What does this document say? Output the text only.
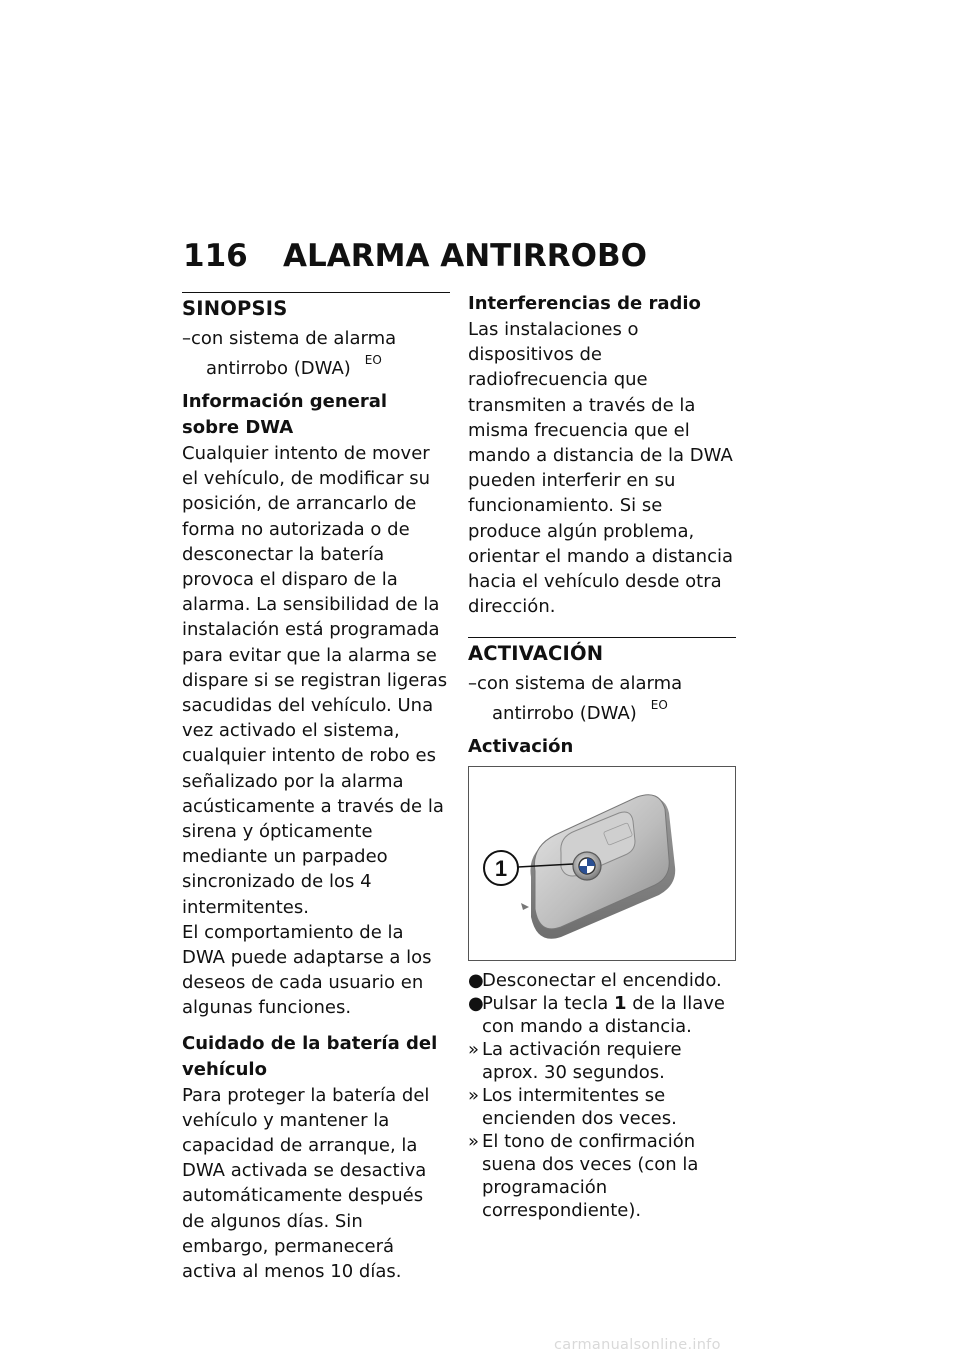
116 ALARMA ANTIRROBO
SINOPSIS
–con sistema de alarma antirrobo (DWA) $^{EO}$
Información general sobre DWA

Cualquier intento de mover el vehículo, de modificar su posición, de arrancarlo de forma no autorizada o de desconectar la batería provoca el disparo de la alarma. La sensibilidad de la instalación está programada para evitar que la alarma se dispare si se registran ligeras sacudidas del vehículo. Una vez activado el sistema, cualquier intento de robo es señalizado por la alarma acústicamente a través de la sirena y ópticamente mediante un parpadeo sincronizado de los 4 intermitentes.

El comportamiento de la DWA puede adaptarse a los deseos de cada usuario en algunas funciones.

Cuidado de la batería del vehículo

Para proteger la batería del vehículo y mantener la capacidad de arranque, la DWA activada se desactiva automáticamente después de algunos días. Sin embargo, permanecerá activa al menos 10 días.

Interferencias de radio

Las instalaciones o dispositivos de radiofrecuencia que transmiten a través de la misma frecuencia que el mando a distancia de la DWA pueden interferir en su funcionamiento. Si se produce algún problema, orientar el mando a distancia hacia el vehículo desde otra dirección.

ACTIVACIÓN
–con sistema de alarma antirrobo (DWA) $^{EO}$
Activación
1
●
Desconectar el encendido.
●
Pulsar la tecla 1 de la llave con mando a distancia.
» La activación requiere aprox. 30 segundos.
» Los intermitentes se encienden dos veces.
» El tono de confirmación suena dos veces (con la programación correspondiente).
carmanualsonline.info
